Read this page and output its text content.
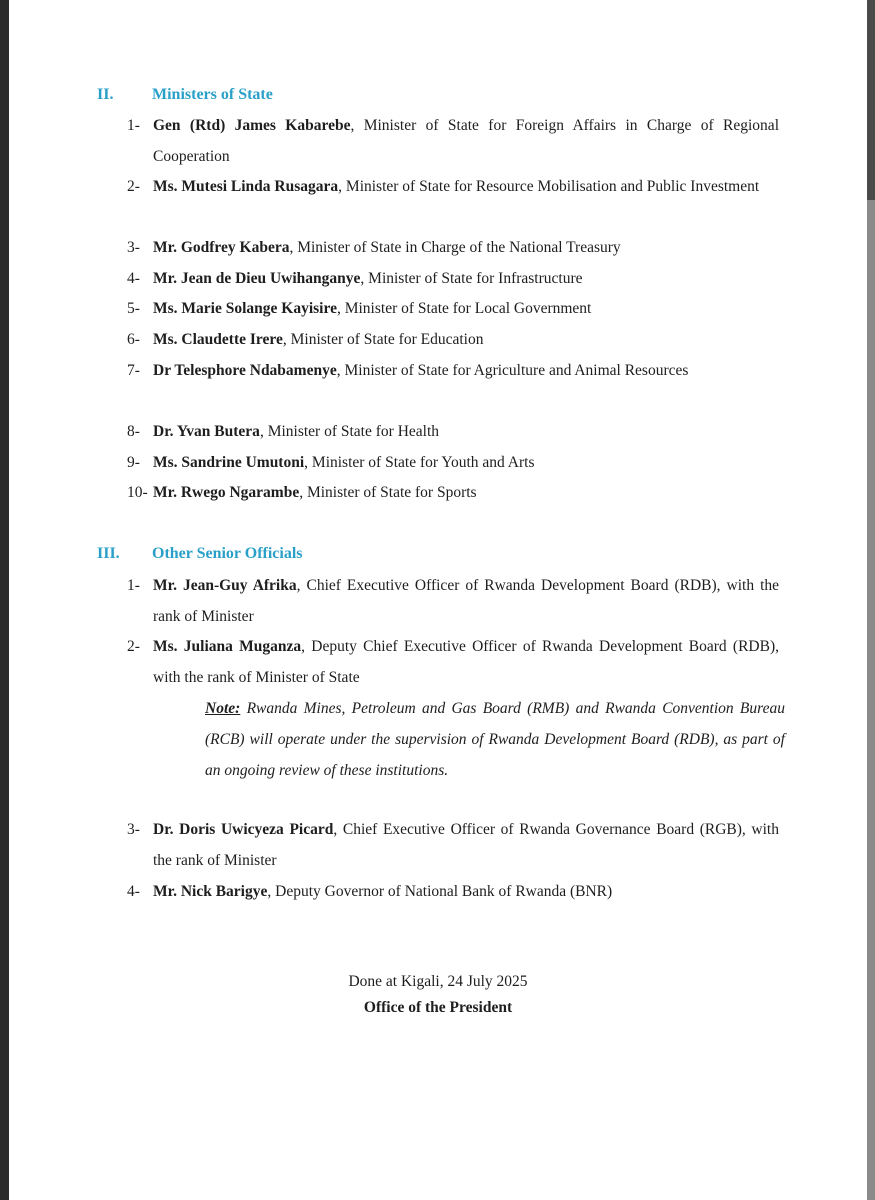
II. Ministers of State
1- Gen (Rtd) James Kabarebe, Minister of State for Foreign Affairs in Charge of Regional Cooperation
2- Ms. Mutesi Linda Rusagara, Minister of State for Resource Mobilisation and Public Investment
3- Mr. Godfrey Kabera, Minister of State in Charge of the National Treasury
4- Mr. Jean de Dieu Uwihanganye, Minister of State for Infrastructure
5- Ms. Marie Solange Kayisire, Minister of State for Local Government
6- Ms. Claudette Irere, Minister of State for Education
7- Dr Telesphore Ndabamenye, Minister of State for Agriculture and Animal Resources
8- Dr. Yvan Butera, Minister of State for Health
9- Ms. Sandrine Umutoni, Minister of State for Youth and Arts
10- Mr. Rwego Ngarambe, Minister of State for Sports
III. Other Senior Officials
1- Mr. Jean-Guy Afrika, Chief Executive Officer of Rwanda Development Board (RDB), with the rank of Minister
2- Ms. Juliana Muganza, Deputy Chief Executive Officer of Rwanda Development Board (RDB), with the rank of Minister of State
Note: Rwanda Mines, Petroleum and Gas Board (RMB) and Rwanda Convention Bureau (RCB) will operate under the supervision of Rwanda Development Board (RDB), as part of an ongoing review of these institutions.
3- Dr. Doris Uwicyeza Picard, Chief Executive Officer of Rwanda Governance Board (RGB), with the rank of Minister
4- Mr. Nick Barigye, Deputy Governor of National Bank of Rwanda (BNR)
Done at Kigali, 24 July 2025
Office of the President
